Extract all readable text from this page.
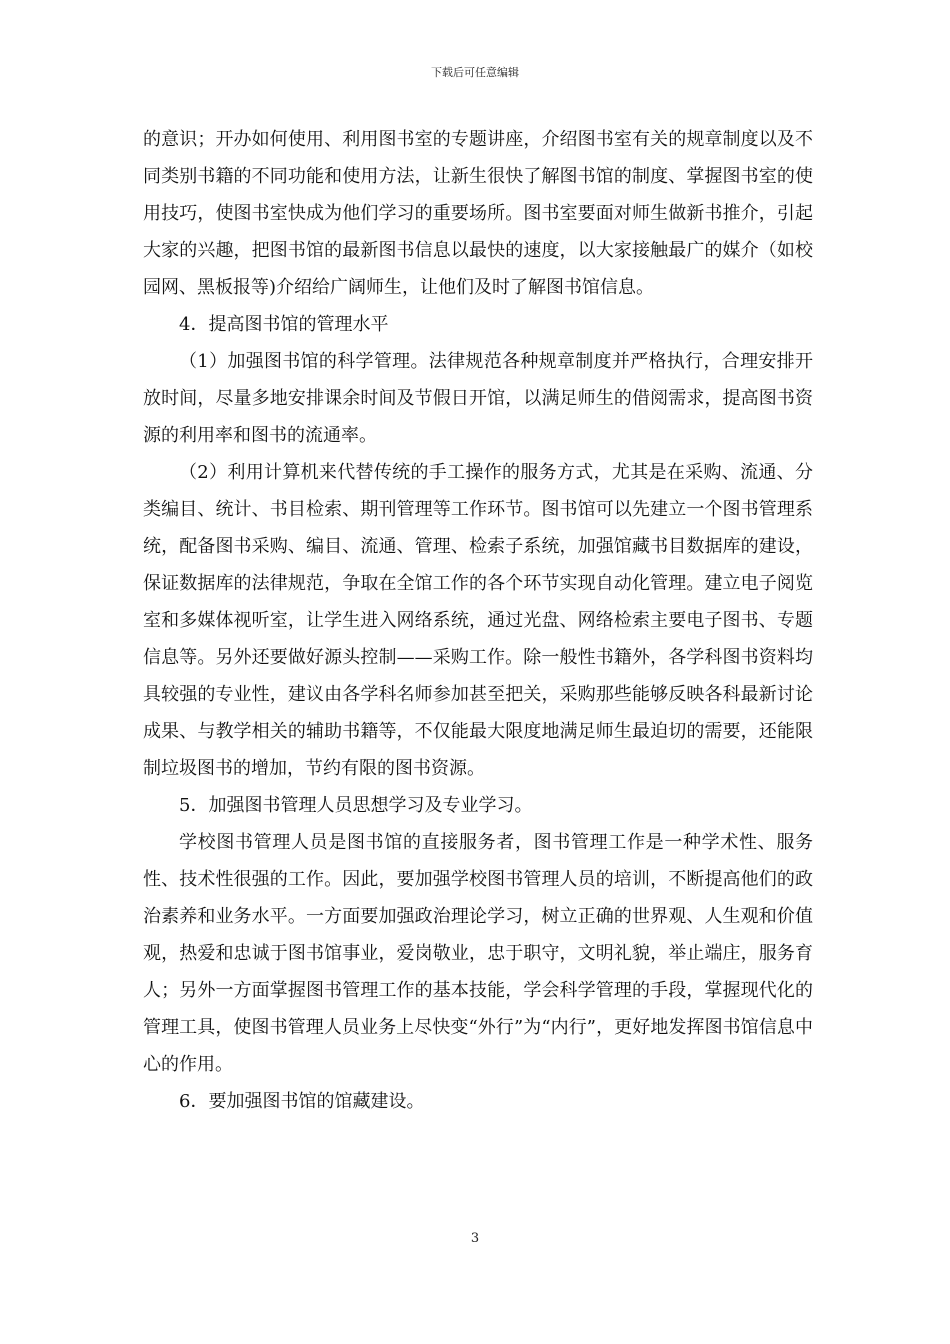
下载后可任意编辑

的意识；开办如何使用、利用图书室的专题讲座，介绍图书室有关的规章制度以及不同类别书籍的不同功能和使用方法，让新生很快了解图书馆的制度、掌握图书室的使用技巧，使图书室快成为他们学习的重要场所。图书室要面对师生做新书推介，引起大家的兴趣，把图书馆的最新图书信息以最快的速度，以大家接触最广的媒介（如校园网、黑板报等)介绍给广阔师生，让他们及时了解图书馆信息。

4．提高图书馆的管理水平

（1）加强图书馆的科学管理。法律规范各种规章制度并严格执行，合理安排开放时间，尽量多地安排课余时间及节假日开馆，以满足师生的借阅需求，提高图书资源的利用率和图书的流通率。

（2）利用计算机来代替传统的手工操作的服务方式，尤其是在采购、流通、分类编目、统计、书目检索、期刊管理等工作环节。图书馆可以先建立一个图书管理系统，配备图书采购、编目、流通、管理、检索子系统，加强馆藏书目数据库的建设，保证数据库的法律规范，争取在全馆工作的各个环节实现自动化管理。建立电子阅览室和多媒体视听室，让学生进入网络系统，通过光盘、网络检索主要电子图书、专题信息等。另外还要做好源头控制——采购工作。除一般性书籍外，各学科图书资料均具较强的专业性，建议由各学科名师参加甚至把关，采购那些能够反映各科最新讨论成果、与教学相关的辅助书籍等，不仅能最大限度地满足师生最迫切的需要，还能限制垃圾图书的增加，节约有限的图书资源。

5．加强图书管理人员思想学习及专业学习。

学校图书管理人员是图书馆的直接服务者，图书管理工作是一种学术性、服务性、技术性很强的工作。因此，要加强学校图书管理人员的培训，不断提高他们的政治素养和业务水平。一方面要加强政治理论学习，树立正确的世界观、人生观和价值观，热爱和忠诚于图书馆事业，爱岗敬业，忠于职守，文明礼貌，举止端庄，服务育人；另外一方面掌握图书管理工作的基本技能，学会科学管理的手段，掌握现代化的管理工具，使图书管理人员业务上尽快变“外行”为“内行”，更好地发挥图书馆信息中心的作用。

6．要加强图书馆的馆藏建设。

3
